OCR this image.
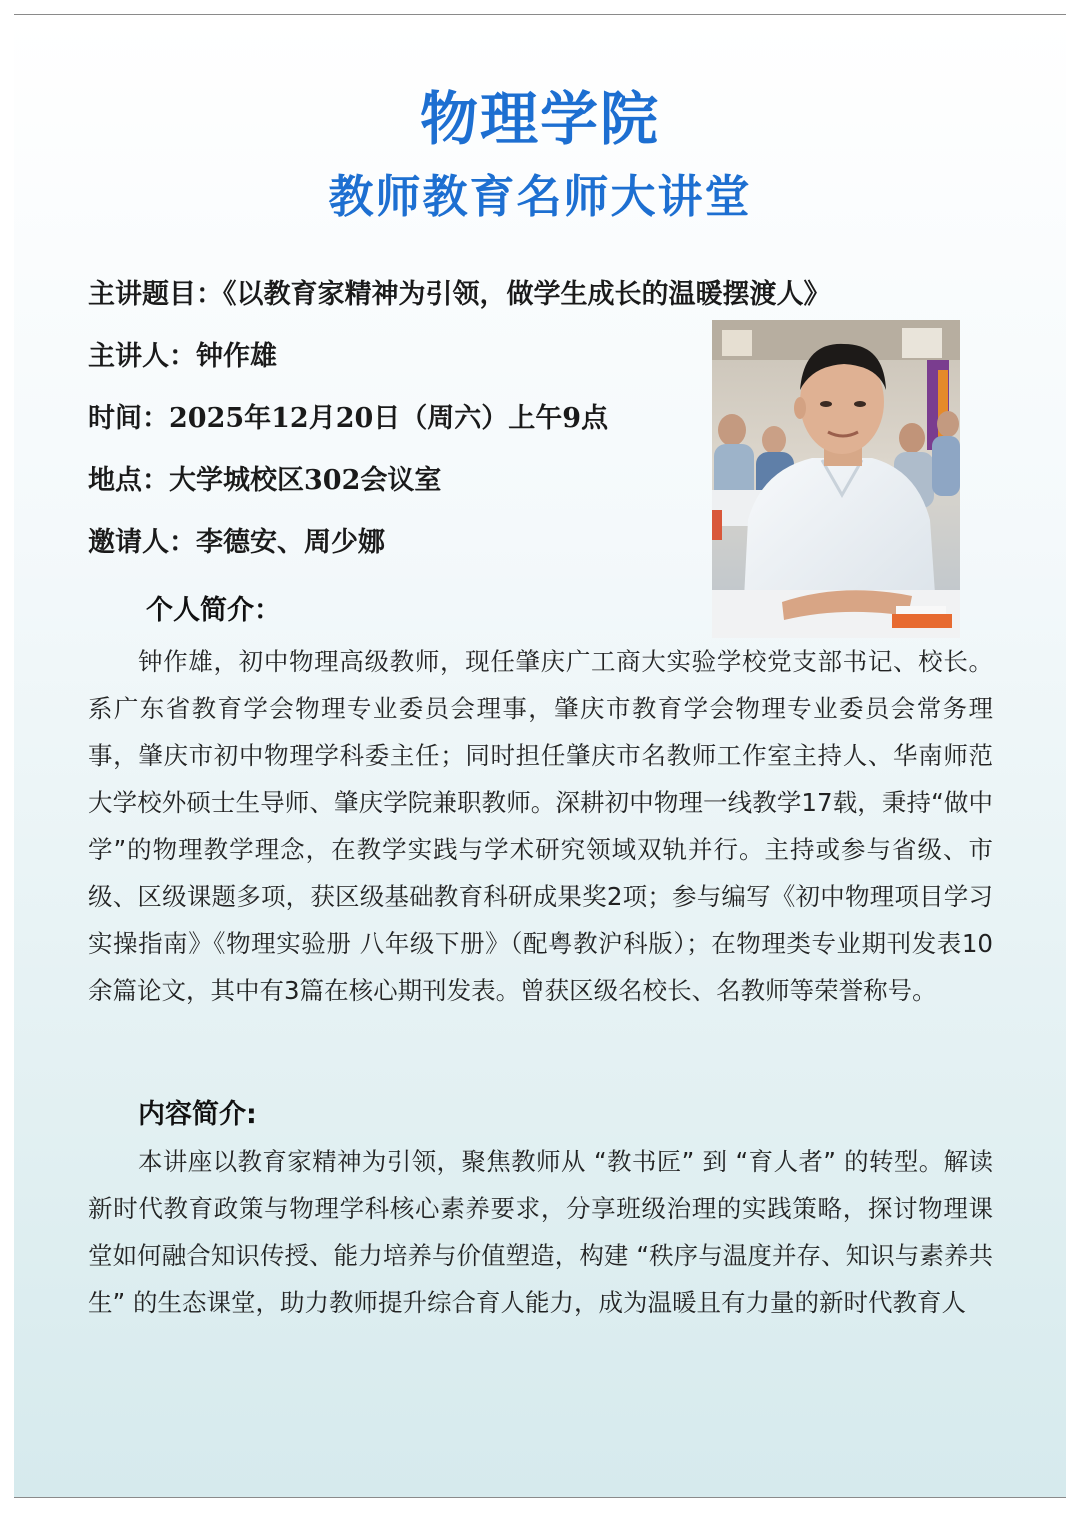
物理学院
教师教育名师大讲堂
主讲题目：《以教育家精神为引领，做学生成长的温暖摆渡人》
主讲人：钟作雄
时间：2025年12月20日（周六）上午9点
地点：大学城校区302会议室
邀请人：李德安、周少娜
个人简介：

钟作雄，初中物理高级教师，现任肇庆广工商大实验学校党支部书记、校长。系广东省教育学会物理专业委员会理事，肇庆市教育学会物理专业委员会常务理事，肇庆市初中物理学科委主任；同时担任肇庆市名教师工作室主持人、华南师范大学校外硕士生导师、肇庆学院兼职教师。深耕初中物理一线教学17载，秉持“做中学”的物理教学理念，在教学实践与学术研究领域双轨并行。主持或参与省级、市级、区级课题多项，获区级基础教育科研成果奖2项；参与编写《初中物理项目学习实操指南》《物理实验册 八年级下册》（配粤教沪科版）；在物理类专业期刊发表10余篇论文，其中有3篇在核心期刊发表。曾获区级名校长、名教师等荣誉称号。

内容简介:

本讲座以教育家精神为引领，聚焦教师从 “教书匠” 到 “育人者” 的转型。解读新时代教育政策与物理学科核心素养要求，分享班级治理的实践策略，探讨物理课堂如何融合知识传授、能力培养与价值塑造，构建 “秩序与温度并存、知识与素养共生” 的生态课堂，助力教师提升综合育人能力，成为温暖且有力量的新时代教育人
